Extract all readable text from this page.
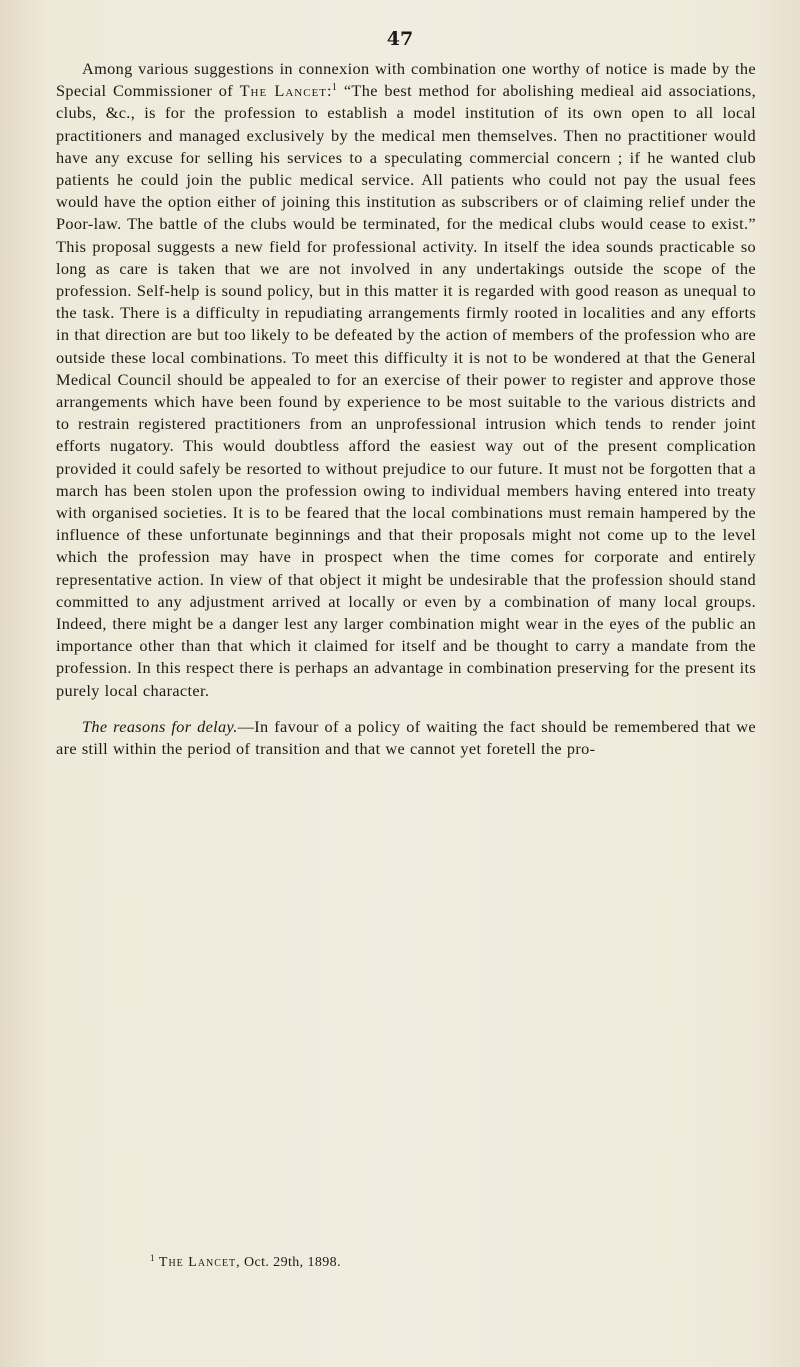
47

Among various suggestions in connexion with combination one worthy of notice is made by the Special Commissioner of The Lancet:$^1$ “The best method for abolishing medieal aid associations, clubs, &c., is for the profession to establish a model institution of its own open to all local practitioners and managed exclusively by the medical men themselves. Then no practitioner would have any excuse for selling his services to a speculating commercial concern ; if he wanted club patients he could join the public medical service. All patients who could not pay the usual fees would have the option either of joining this institution as subscribers or of claiming relief under the Poor-law. The battle of the clubs would be terminated, for the medical clubs would cease to exist.” This proposal suggests a new field for professional activity. In itself the idea sounds practicable so long as care is taken that we are not involved in any undertakings outside the scope of the profession. Self-help is sound policy, but in this matter it is regarded with good reason as unequal to the task. There is a difficulty in repudiating arrangements firmly rooted in localities and any efforts in that direction are but too likely to be defeated by the action of members of the profession who are outside these local combinations. To meet this difficulty it is not to be wondered at that the General Medical Council should be appealed to for an exercise of their power to register and approve those arrangements which have been found by experience to be most suitable to the various districts and to restrain registered practitioners from an unprofessional intrusion which tends to render joint efforts nugatory. This would doubtless afford the easiest way out of the present complication provided it could safely be resorted to without prejudice to our future. It must not be forgotten that a march has been stolen upon the profession owing to individual members having entered into treaty with organised societies. It is to be feared that the local combinations must remain hampered by the influence of these unfortunate beginnings and that their proposals might not come up to the level which the profession may have in prospect when the time comes for corporate and entirely representative action. In view of that object it might be undesirable that the profession should stand committed to any adjustment arrived at locally or even by a combination of many local groups. Indeed, there might be a danger lest any larger combination might wear in the eyes of the public an importance other than that which it claimed for itself and be thought to carry a mandate from the profession. In this respect there is perhaps an advantage in combination preserving for the present its purely local character.

The reasons for delay.—In favour of a policy of waiting the fact should be remembered that we are still within the period of transition and that we cannot yet foretell the pro-

$^1$ The Lancet, Oct. 29th, 1898.
